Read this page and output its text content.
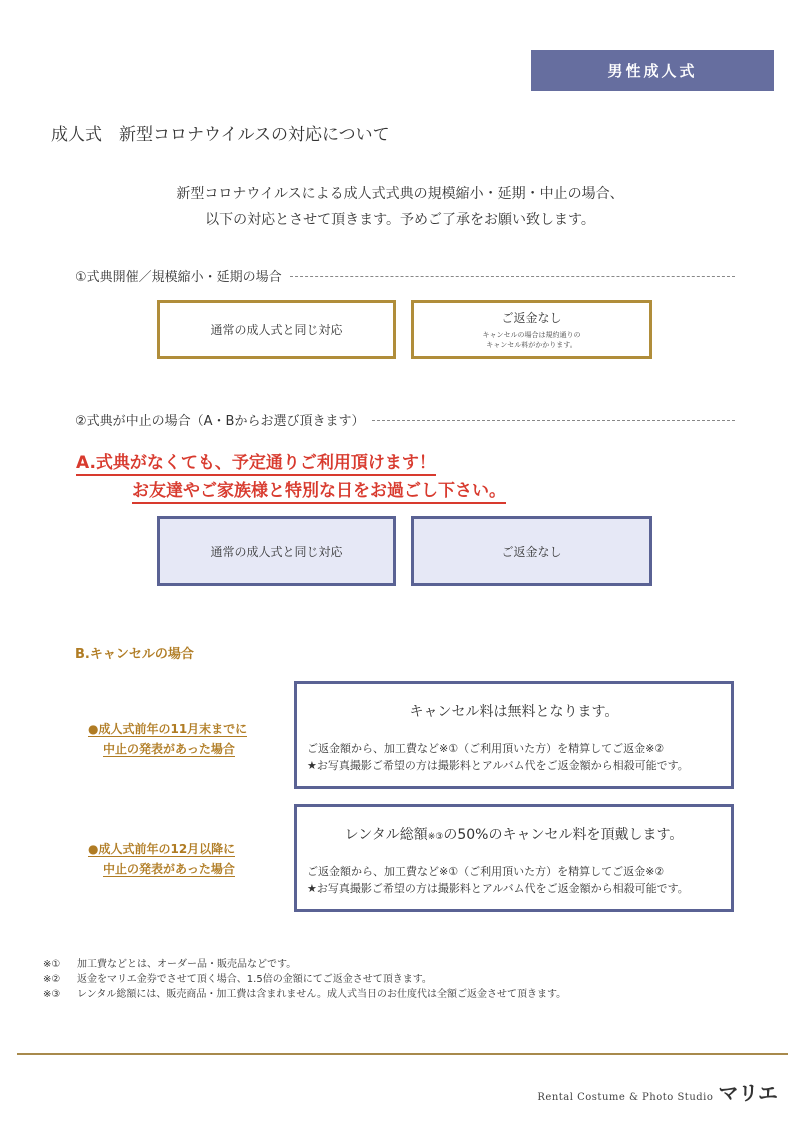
男性成人式
成人式　新型コロナウイルスの対応について
新型コロナウイルスによる成人式式典の規模縮小・延期・中止の場合、
以下の対応とさせて頂きます。予めご了承をお願い致します。
①式典開催／規模縮小・延期の場合
通常の成人式と同じ対応
ご返金なし
キャンセルの場合は規約通りの
キャンセル料がかかります。
②式典が中止の場合（A・Bからお選び頂きます）
A.式典がなくても、予定通りご利用頂けます！
お友達やご家族様と特別な日をお過ごし下さい。
通常の成人式と同じ対応	ご返金なし
B.キャンセルの場合
●成人式前年の11月末までに
中止の発表があった場合
キャンセル料は無料となります。
ご返金額から、加工費など※①（ご利用頂いた方）を精算してご返金※②
★お写真撮影ご希望の方は撮影料とアルバム代をご返金額から相殺可能です。
●成人式前年の12月以降に
中止の発表があった場合
レンタル総額※③の50%のキャンセル料を頂戴します。
ご返金額から、加工費など※①（ご利用頂いた方）を精算してご返金※②
★お写真撮影ご希望の方は撮影料とアルバム代をご返金額から相殺可能です。
※① 加工費などとは、オーダー品・販売品などです。
※② 返金をマリエ金券でさせて頂く場合、1.5倍の金額にてご返金させて頂きます。
※③ レンタル総額には、販売商品・加工費は含まれません。成人式当日のお仕度代は全額ご返金させて頂きます。
Rental Costume & Photo Studio マリエ
